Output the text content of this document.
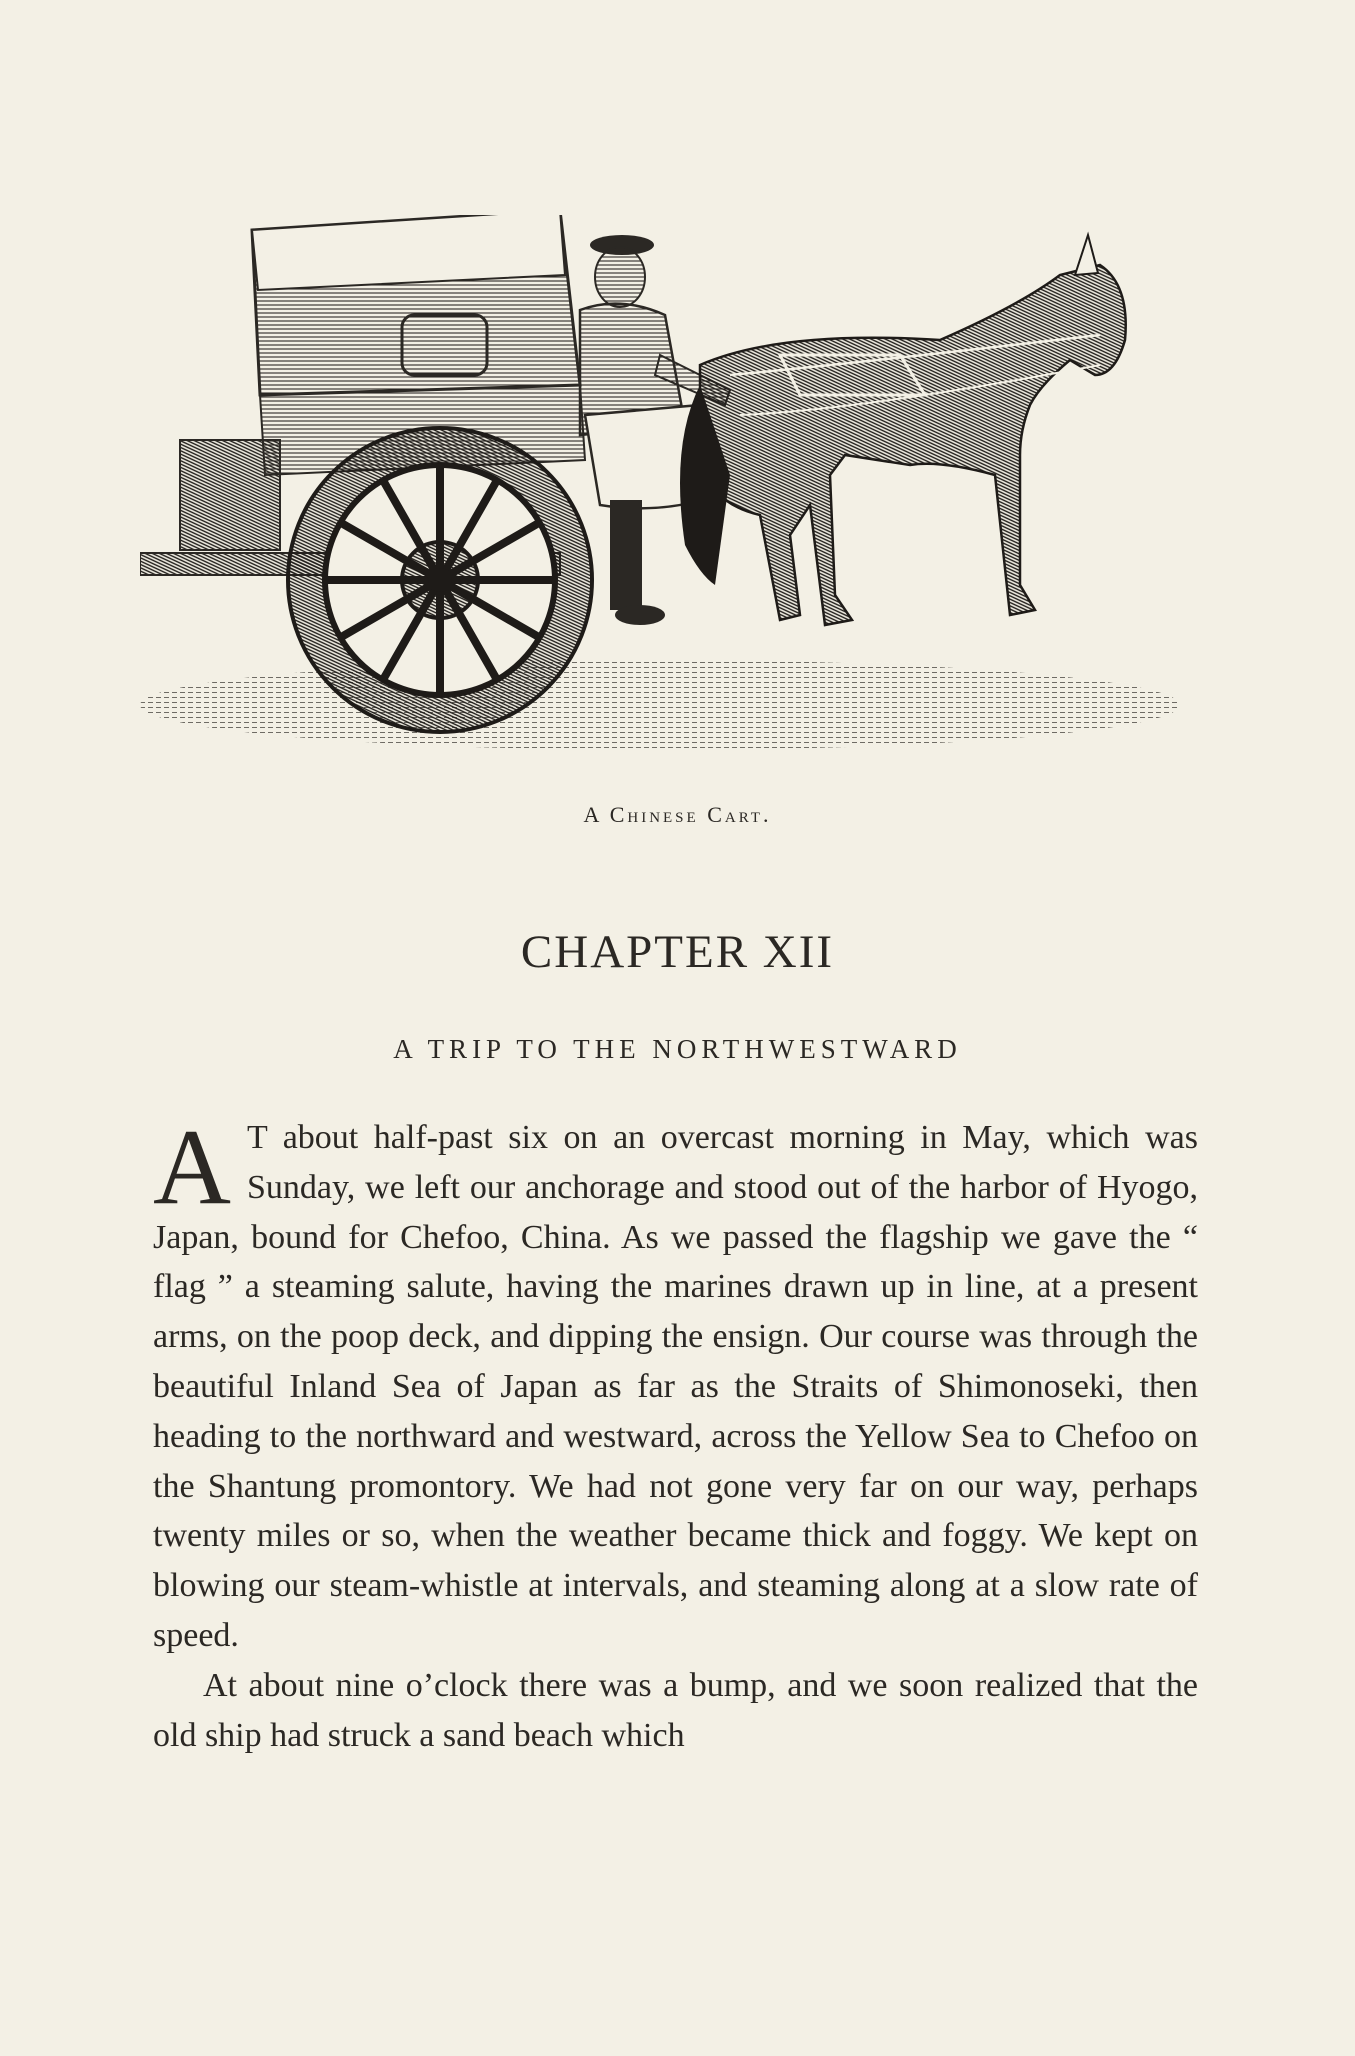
A Chinese Cart.
CHAPTER XII
A TRIP TO THE NORTHWESTWARD

A T about half-past six on an overcast morning in May, which was Sunday, we left our anchorage and stood out of the harbor of Hyogo, Japan, bound for Chefoo, China. As we passed the flagship we gave the “ flag ” a steaming salute, having the marines drawn up in line, at a present arms, on the poop deck, and dipping the ensign. Our course was through the beautiful Inland Sea of Japan as far as the Straits of Shimonoseki, then heading to the northward and westward, across the Yellow Sea to Chefoo on the Shantung promontory. We had not gone very far on our way, perhaps twenty miles or so, when the weather became thick and foggy. We kept on blowing our steam-whistle at intervals, and steaming along at a slow rate of speed.

At about nine o’clock there was a bump, and we soon realized that the old ship had struck a sand beach which
